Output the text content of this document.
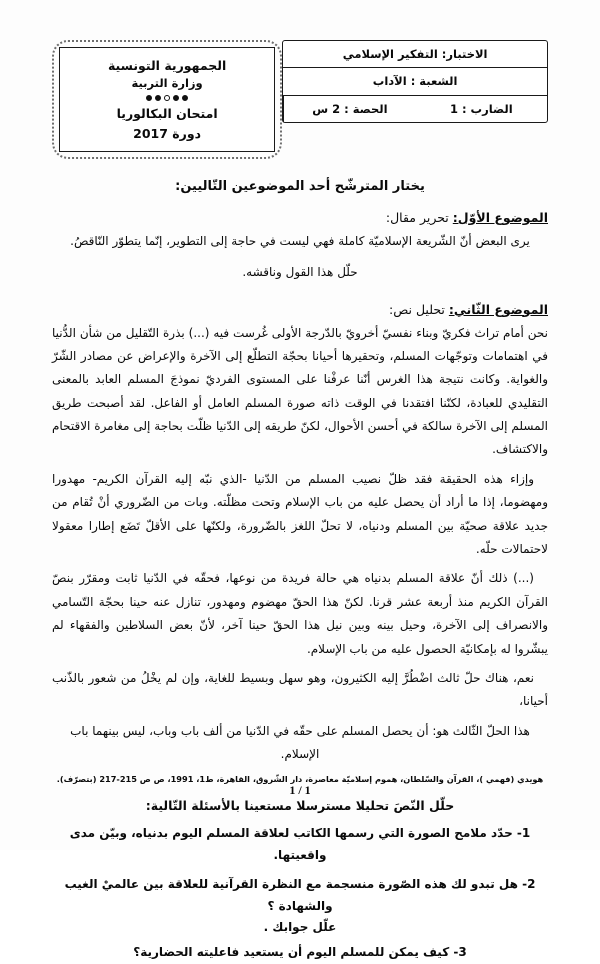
الاختبار: التفكير الإسلامي
الشعبة : الآداب
الضارب : 1
الحصة : 2 س
الجمهورية التونسية
وزارة التربية
امتحان البكالوريا
دورة 2017
يختار المترشّح أحد الموضوعين التّاليين:
الموضوع الأوّل: تحرير مقال:
يرى البعض أنّ الشّريعة الإسلاميّة كاملة فهي ليست في حاجة إلى التطوير، إنّما يتطوّر النّاقصُ.
حلّل هذا القول وناقشه.
الموضوع الثّاني: تحليل نص:
نحن أمام تراث فكريّ وبناء نفسيّ أخرويّ بالدّرجة الأولى غُرست فيه (...) بذرة التّقليل من شأن الدُّنيا في اهتمامات وتوجّهات المسلم، وتحقيرها أحيانا بحجّة التطلّع إلى الآخرة والإعراض عن مصادر الشّرّ والغواية. وكانت نتيجة هذا الغرس أنّنا عرفْنا على المستوى الفرديّ نموذجَ المسلم العابد بالمعنى التقليدي للعبادة، لكنّنا افتقدنا في الوقت ذاته صورة المسلم العامل أو الفاعل. لقد أصبحت طريق المسلم إلى الآخرة سالكة في أحسن الأحوال، لكنّ طريقه إلى الدّنيا ظلّت بحاجة إلى مغامرة الاقتحام والاكتشاف.
وإزاء هذه الحقيقة فقد ظلّ نصيب المسلم من الدّنيا -الذي نبّه إليه القرآن الكريم- مهدورا ومهضوما، إذا ما أراد أن يحصل عليه من باب الإسلام وتحت مظلّته. وبات من الضّروري أنْ تُقام من جديد علاقة صحيّة بين المسلم ودنياه، لا تحلّ اللغز بالضّرورة، ولكنّها على الأقلّ تَضَع إطارا معقولا لاحتمالات حلّه.
(...) ذلك أنّ علاقة المسلم بدنياه هي حالة فريدة من نوعها، فحقّه في الدّنيا ثابت ومقرّر بنصّ القرآن الكريم منذ أربعة عشر قرنا. لكنّ هذا الحقّ مهضوم ومهدور، تنازل عنه حينا بحجّة التّسامي والانصراف إلى الآخرة، وحيل بينه وبين نيل هذا الحقّ حينا آخر، لأنّ بعض السلاطين والفقهاء لم يبشّروا له بإمكانيّة الحصول عليه من باب الإسلام.
نعم، هناك حلّ ثالث اضْطُرَّ إليه الكثيرون، وهو سهل وبسيط للغاية، وإن لم يخْلُ من شعور بالذّنب أحيانا،
هذا الحلّ الثّالث هو: أن يحصل المسلم على حقّه في الدّنيا من ألف باب وباب، ليس بينهما باب الإسلام.
هويدي (فهمي )، القرآن والسّلطان، هموم إسلاميّة معاصرة، دار الشّروق، القاهرة، ط1، 1991، ص ص 215-217 (بتصرّف).
حلّل النّصَ تحليلا مسترسلا مستعينا بالأسئلة التّالية:
1- حدّد ملامح الصورة التي رسمها الكاتب لعلاقة المسلم اليوم بدنياه، وبيّن مدى واقعيتها.
2- هل تبدو لك هذه الصّورة منسجمة مع النظرة القرآنية للعلاقة بين عالميْ الغيب والشهادة ؟
علّل جوابك .
3- كيف يمكن للمسلم اليوم أن يستعيد فاعليته الحضارية؟
1 / 1
